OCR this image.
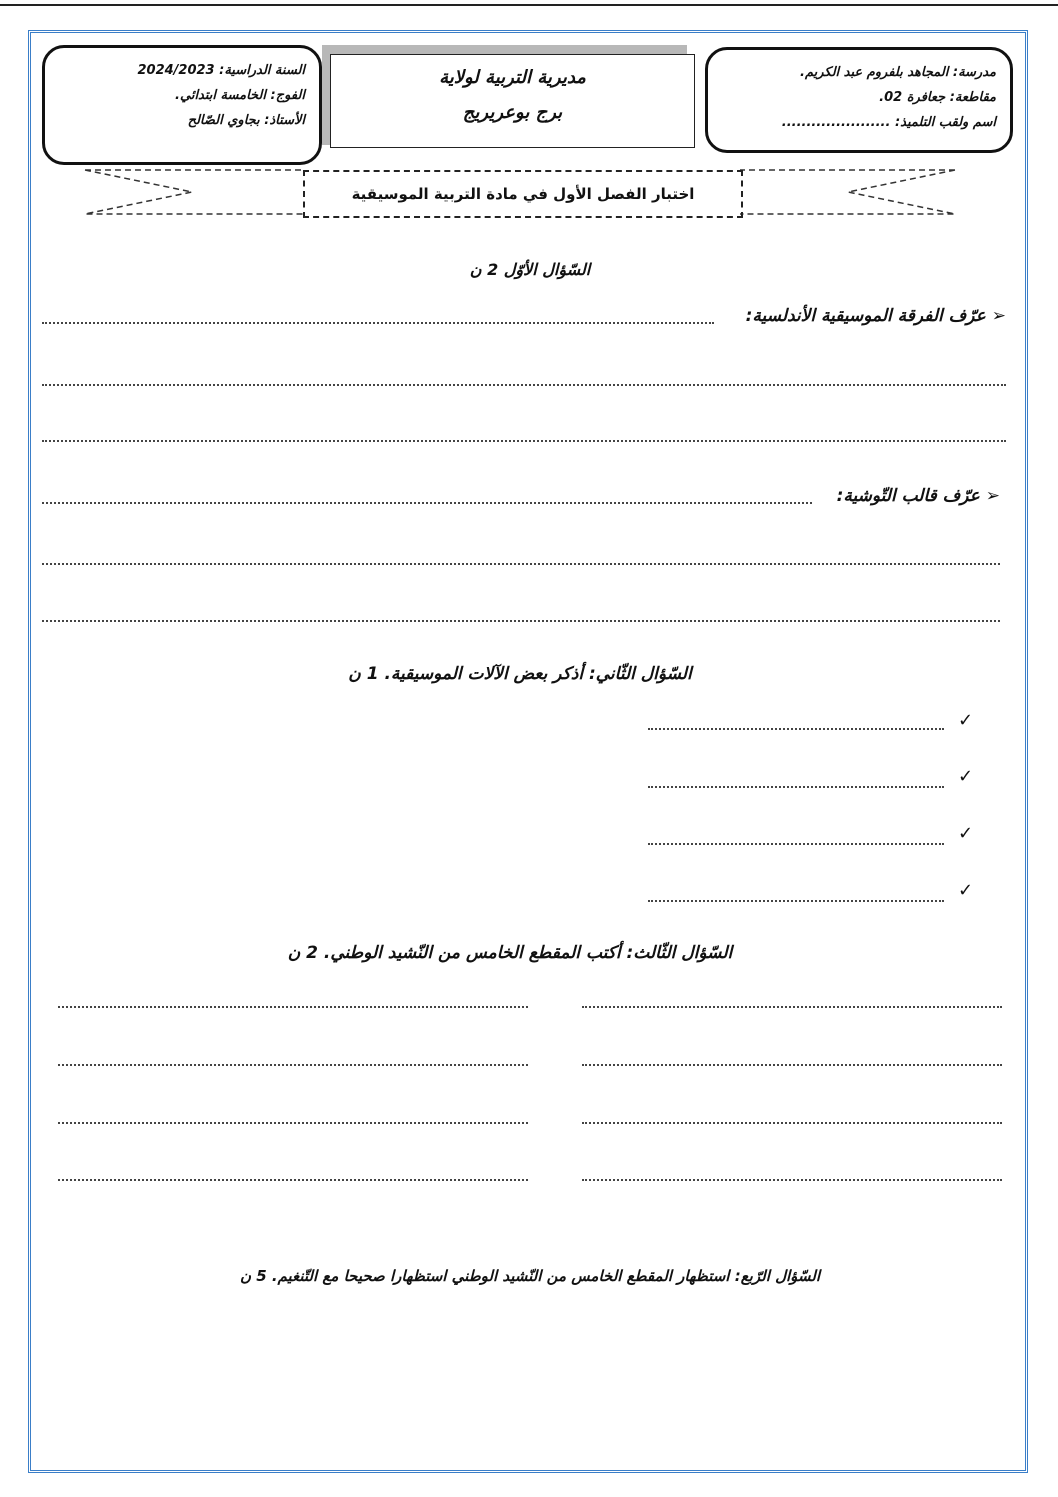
مدرسة: المجاهد بلفروم عبد الكريم.
مقاطعة: جعافرة 02.
اسم ولقب التلميذ: ......................
مديرية التربية لولاية
برج بوعريريج
السنة الدراسية: 2024/2023
الفوج: الخامسة ابتدائي.
الأستاذ: بجاوي الصّالح
اختبار الفصل الأول في مادة التربية الموسيقية
السّؤال الأوّل 2 ن
➢ عرّف الفرقة الموسيقية الأندلسية:
➢ عرّف قالب التّوشية:
السّؤال الثّاني: أذكر بعض الآلات الموسيقية. 1 ن
✓
✓
✓
✓
السّؤال الثّالث: أكتب المقطع الخامس من النّشيد الوطني. 2 ن
السّؤال الرّبع: استظهار المقطع الخامس من النّشيد الوطني استظهارا صحيحا مع التّنغيم. 5 ن
